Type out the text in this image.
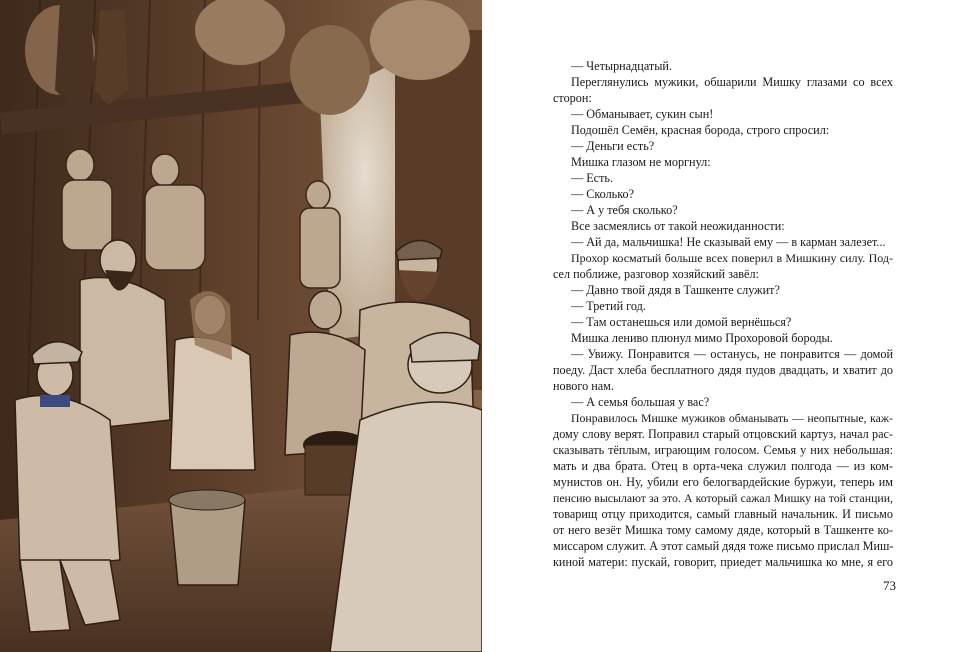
— Четырнадцатый.
Переглянулись мужики, обшарили Мишку глазами со всех
сторон:
— Обманывает, сукин сын!
Подошёл Семён, красная борода, строго спросил:
— Деньги есть?
Мишка глазом не моргнул:
— Есть.
— Сколько?
— А у тебя сколько?
Все засмеялись от такой неожиданности:
— Ай да, мальчишка! Не сказывай ему — в карман залезет...
Прохор косматый больше всех поверил в Мишкину силу. Под-
сел поближе, разговор хозяйский завёл:
— Давно твой дядя в Ташкенте служит?
— Третий год.
— Там останешься или домой вернёшься?
Мишка лениво плюнул мимо Прохоровой бороды.
— Увижу. Понравится — останусь, не понравится — домой
поеду. Даст хлеба бесплатного дядя пудов двадцать, и хватит до
нового нам.
— А семья большая у вас?
Понравилось Мишке мужиков обманывать — неопытные, каж-
дому слову верят. Поправил старый отцовский картуз, начал рас-
сказывать тёплым, играющим голосом. Семья у них небольшая:
мать и два брата. Отец в орта-чека служил полгода — из ком-
мунистов он. Ну, убили его белогвардейские буржуи, теперь им
пенсию высылают за это. А который сажал Мишку на той станции,
товарищ отцу приходится, самый главный начальник. И письмо
от него везёт Мишка тому самому дяде, который в Ташкенте ко-
миссаром служит. А этот самый дядя тоже письмо прислал Миш-
киной матери: пускай, говорит, приедет мальчишка ко мне, я его
73
